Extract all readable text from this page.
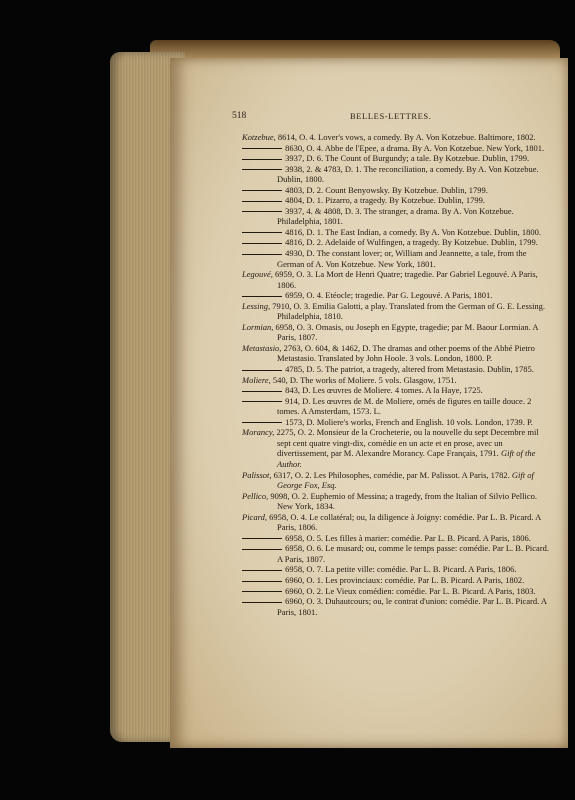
518	BELLES-LETTRES.

Kotzebue, 8614, O. 4. Lover's vows, a comedy. By A. Von Kotzebue. Baltimore, 1802.

8630, O. 4. Abbe de l'Epee, a drama. By A. Von Kotzebue. New York, 1801.

3937, D. 6. The Count of Burgundy; a tale. By Kotzebue. Dublin, 1799.

3938, 2. & 4783, D. 1. The reconciliation, a comedy. By A. Von Kotzebue. Dublin, 1800.

4803, D. 2. Count Benyowsky. By Kotzebue. Dublin, 1799.

4804, D. 1. Pizarro, a tragedy. By Kotzebue. Dublin, 1799.

3937, 4. & 4808, D. 3. The stranger, a drama. By A. Von Kotzebue. Philadelphia, 1801.

4816, D. 1. The East Indian, a comedy. By A. Von Kotzebue. Dublin, 1800.

4816, D. 2. Adelaide of Wulfingen, a tragedy. By Kotzebue. Dublin, 1799.

4930, D. The constant lover; or, William and Jeannette, a tale, from the German of A. Von Kotzebue. New York, 1801.

Legouvé, 6959, O. 3. La Mort de Henri Quatre; tragedie. Par Gabriel Legouvé. A Paris, 1806.

6959, O. 4. Etéocle; tragedie. Par G. Legouvé. A Paris, 1801.

Lessing, 7910, O. 3. Emilia Galotti, a play. Translated from the German of G. E. Lessing. Philadelphia, 1810.

Lormian, 6958, O. 3. Omasis, ou Joseph en Egypte, tragedie; par M. Baour Lormian. A Paris, 1807.

Metastasio, 2763, O. 604, & 1462, D. The dramas and other poems of the Abbé Pietro Metastasio. Translated by John Hoole. 3 vols. London, 1800. P.

4785, D. 5. The patriot, a tragedy, altered from Metastasio. Dublin, 1785.

Moliere, 540, D. The works of Moliere. 5 vols. Glasgow, 1751.

843, D. Les œuvres de Moliere. 4 tomes. A la Haye, 1725.

914, D. Les œuvres de M. de Moliere, ornés de figures en taille douce. 2 tomes. A Amsterdam, 1573. L.

1573, D. Moliere's works, French and English. 10 vols. London, 1739. P.

Morancy, 2275, O. 2. Monsieur de la Crocheterie, ou la nouvelle du sept Decembre mil sept cent quatre vingt-dix, comédie en un acte et en prose, avec un divertissement, par M. Alexandre Morancy. Cape Français, 1791. Gift of the Author.

Palissot, 6317, O. 2. Les Philosophes, comédie, par M. Palissot. A Paris, 1782. Gift of George Fox, Esq.

Pellico, 9098, O. 2. Euphemio of Messina; a tragedy, from the Italian of Silvio Pellico. New York, 1834.

Picard, 6958, O. 4. Le collatéral; ou, la diligence à Joigny: comédie. Par L. B. Picard. A Paris, 1806.

6958, O. 5. Les filles à marier: comédie. Par L. B. Picard. A Paris, 1806.

6958, O. 6. Le musard; ou, comme le temps passe: comédie. Par L. B. Picard. A Paris, 1807.

6958, O. 7. La petite ville: comédie. Par L. B. Picard. A Paris, 1806.

6960, O. 1. Les provinciaux: comédie. Par L. B. Picard. A Paris, 1802.

6960, O. 2. Le Vieux comédien: comédie. Par L. B. Picard. A Paris, 1803.

6960, O. 3. Duhautcours; ou, le contrat d'union: comédie. Par L. B. Picard. A Paris, 1801.
